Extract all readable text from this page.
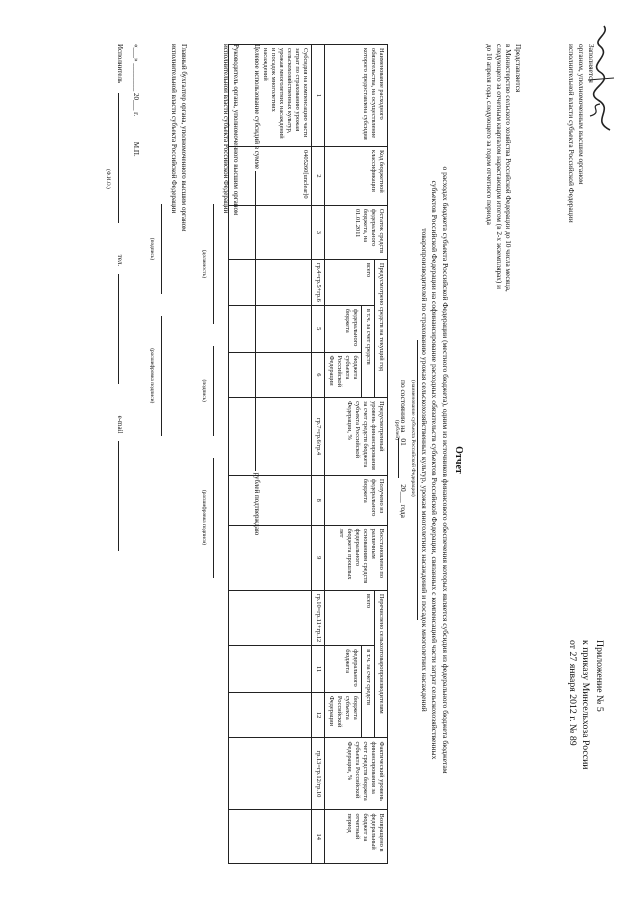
Заполняется
органом, уполномоченным высшим органом
исполнительной власти субъекта Российской Федерации
Приложение № 5
к приказу Минсельхоза России
от 27 января 2012 г. № 89
Представляется
в Министерство сельского хозяйства Российской Федерации до 10 числа месяца, следующего за отчетным кварталом нарастающим итогом (в 2-х экземплярах) и до 10 апреля года, следующего за годом отчетного периода
Отчет
о расходах бюджета субъекта Российской Федерации (местного бюджета), одним из источников финансового обеспечения которых является субсидия из федерального бюджета бюджетам субъектов Российской Федерации на софинансирование расходных обязательств субъектов Российской Федерации, связанных с компенсацией части затрат сельскохозяйственных товаропроизводителей по страхованию урожая сельскохозяйственных культур, урожая многолетних насаждений и посадок многолетних насаждений
(наименование субъекта Российской Федерации)
по состоянию на 01 20___ года
(рублей)
Наименование расходного обязательства, на осуществление которого предоставлена субсидия	Код бюджетной классификации	Остаток средств федерального бюджета, на 01.01.2011	Предусмотрено средств на текущий год			Предусмотренный уровень финансирования за счет средств бюджета субъекта Российской Федерации, %	Получено из федерального бюджета	Восстановлено по различным основаниям средств федерального бюджета прошлых лет	Перечислено сельхозтоваропроизводителям			Фактический уровень финансирования за счет средств бюджета субъекта Российской Федерации, %	Возвращено в федеральный бюджет за отчетный период
			всего	в т.ч. за счет средств					всего	в т.ч. за счет средств			
				федерального бюджета	бюджета субъекта Российской Федерации					федерального бюджета	бюджета субъекта Российской Федерации		
1	2	3	гр.4=гр.5+гр.6	5	6	гр.7=гр.6/гр.4	8	9	гр.10=гр.11+гр.12	11	12	гр.13=гр.12/гр.10	14
Субсидия на компенсацию части затрат по страхованию урожая сельскохозяйственных культур, урожая многолетних насаждений и посадок многолетних насаждений	0405260[unclear]0												
Целевое использование субсидий в сумме  рублей подтверждаю
Руководитель органа, уполномоченного высшим органом
исполнительной власти субъекта Российской Федерации

(должность) (подпись) (расшифровка подписи)
Главный бухгалтер органа, уполномоченного высшим органом
исполнительной власти субъекта Российской Федерации

(подпись) (расшифровка подписи)
«___» ________ 20___ г. М.П.
Исполнитель  тел.  e-mail
(Ф.И.О.)
